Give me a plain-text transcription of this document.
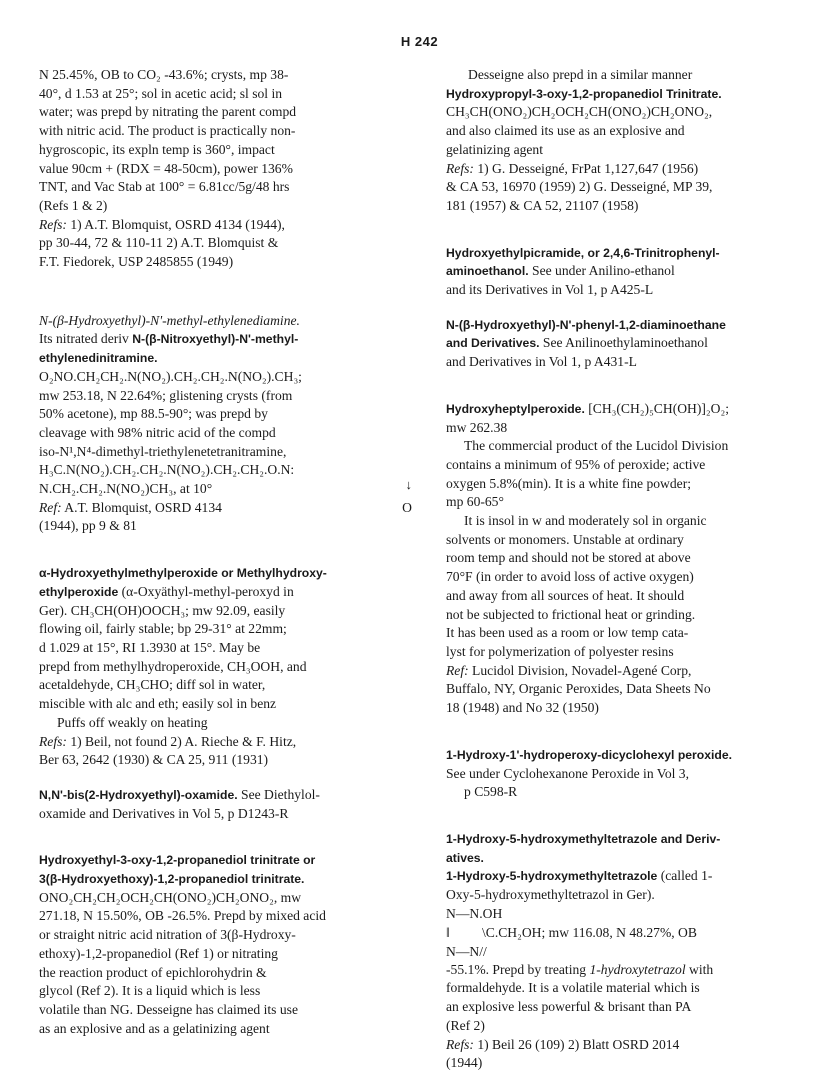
H 242
N 25.45%, OB to CO₂ -43.6%; crysts, mp 38-
40°, d 1.53 at 25°; sol in acetic acid; sl sol in
water; was prepd by nitrating the parent compd
with nitric acid. The product is practically non-
hygroscopic, its expln temp is 360°, impact
value 90cm + (RDX = 48-50cm), power 136%
TNT, and Vac Stab at 100° = 6.81cc/5g/48 hrs
(Refs 1 & 2)
Refs: 1) A.T. Blomquist, OSRD 4134 (1944),
pp 30-44, 72 & 110-11 2) A.T. Blomquist &
F.T. Fiedorek, USP 2485855 (1949)
N-(β-Hydroxyethyl)-N'-methyl-ethylenediamine.
Its nitrated deriv N-(β-Nitroxyethyl)-N'-methyl-
ethylenedinitramine.
O₂NO.CH₂CH₂.N(NO₂).CH₂.CH₂.N(NO₂).CH₃;
mw 253.18, N 22.64%; glistening crysts (from
50% acetone), mp 88.5-90°; was prepd by
cleavage with 98% nitric acid of the compd
iso-N¹,N⁴-dimethyl-triethylenetetranitramine,
H₃C.N(NO₂).CH₂.CH₂.N(NO₂).CH₂.CH₂.O.N:
N.CH₂.CH₂.N(NO₂)CH₃, at 10°	↓
Ref: A.T. Blomquist, OSRD 4134	O
(1944), pp 9 & 81
α-Hydroxyethylmethylperoxide or Methylhydroxy-
ethylperoxide (α-Oxyäthyl-methyl-peroxyd in
Ger). CH₃CH(OH)OOCH₃; mw 92.09, easily
flowing oil, fairly stable; bp 29-31° at 22mm;
d 1.029 at 15°, RI 1.3930 at 15°. May be
prepd from methylhydroperoxide, CH₃OOH, and
acetaldehyde, CH₃CHO; diff sol in water,
miscible with alc and eth; easily sol in benz
Puffs off weakly on heating
Refs: 1) Beil, not found 2) A. Rieche & F. Hitz,
Ber 63, 2642 (1930) & CA 25, 911 (1931)
N,N'-bis(2-Hydroxyethyl)-oxamide. See Diethylol-
oxamide and Derivatives in Vol 5, p D1243-R
Hydroxyethyl-3-oxy-1,2-propanediol trinitrate or
3(β-Hydroxyethoxy)-1,2-propanediol trinitrate.
ONO₂CH₂CH₂OCH₂CH(ONO₂)CH₂ONO₂, mw
271.18, N 15.50%, OB -26.5%. Prepd by mixed acid
or straight nitric acid nitration of 3(β-Hydroxy-
ethoxy)-1,2-propanediol (Ref 1) or nitrating
the reaction product of epichlorohydrin &
glycol (Ref 2). It is a liquid which is less
volatile than NG. Desseigne has claimed its use
as an explosive and as a gelatinizing agent
Desseigne also prepd in a similar manner
Hydroxypropyl-3-oxy-1,2-propanediol Trinitrate.
CH₃CH(ONO₂)CH₂OCH₂CH(ONO₂)CH₂ONO₂,
and also claimed its use as an explosive and
gelatinizing agent
Refs: 1) G. Desseigné, FrPat 1,127,647 (1956)
& CA 53, 16970 (1959) 2) G. Desseigné, MP 39,
181 (1957) & CA 52, 21107 (1958)
Hydroxyethylpicramide, or 2,4,6-Trinitrophenyl-
aminoethanol. See under Anilino-ethanol
and its Derivatives in Vol 1, p A425-L
N-(β-Hydroxyethyl)-N'-phenyl-1,2-diaminoethane
and Derivatives. See Anilinoethylaminoethanol
and Derivatives in Vol 1, p A431-L
Hydroxyheptylperoxide. [CH₃(CH₂)₅CH(OH)]₂O₂;
mw 262.38
The commercial product of the Lucidol Division
contains a minimum of 95% of peroxide; active
oxygen 5.8%(min). It is a white fine powder;
mp 60-65°
It is insol in w and moderately sol in organic
solvents or monomers. Unstable at ordinary
room temp and should not be stored at above
70°F (in order to avoid loss of active oxygen)
and away from all sources of heat. It should
not be subjected to frictional heat or grinding.
It has been used as a room or low temp cata-
lyst for polymerization of polyester resins
Ref: Lucidol Division, Novadel-Agené Corp,
Buffalo, NY, Organic Peroxides, Data Sheets No
18 (1948) and No 32 (1950)
1-Hydroxy-1'-hydroperoxy-dicyclohexyl peroxide.
See under Cyclohexanone Peroxide in Vol 3,
p C598-R
1-Hydroxy-5-hydroxymethyltetrazole and Deriv-
atives.
1-Hydroxy-5-hydroxymethyltetrazole (called 1-
Oxy-5-hydroxymethyltetrazol in Ger).
N—N.OH
‖ \C.CH₂OH; mw 116.08, N 48.27%, OB
N—N//
-55.1%. Prepd by treating 1-hydroxytetrazol with
formaldehyde. It is a volatile material which is
an explosive less powerful & brisant than PA
(Ref 2)
Refs: 1) Beil 26 (109) 2) Blatt OSRD 2014
(1944)
